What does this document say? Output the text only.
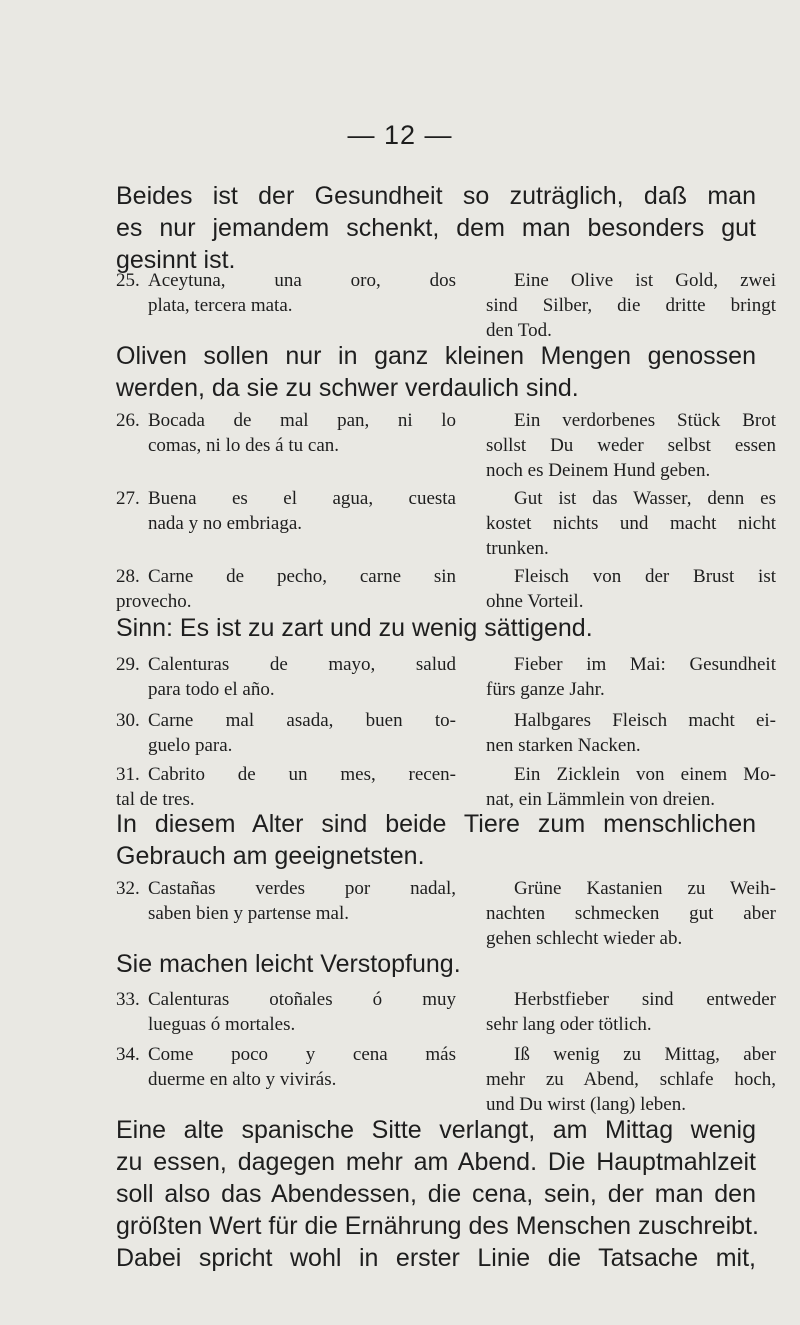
— 12 —
Beides ist der Gesundheit so zuträglich, daß man
es nur jemandem schenkt, dem man besonders gut
gesinnt ist.
25. Aceytuna, una oro, dos
plata, tercera mata.
Eine Olive ist Gold, zwei
sind Silber, die dritte bringt
den Tod.
Oliven sollen nur in ganz kleinen Mengen genossen
werden, da sie zu schwer verdaulich sind.
26. Bocada de mal pan, ni lo
comas, ni lo des á tu can.
Ein verdorbenes Stück Brot
sollst Du weder selbst essen
noch es Deinem Hund geben.
27. Buena es el agua, cuesta
nada y no embriaga.
Gut ist das Wasser, denn es
kostet nichts und macht nicht
trunken.
28. Carne de pecho, carne sin
provecho.
Fleisch von der Brust ist
ohne Vorteil.
Sinn: Es ist zu zart und zu wenig sättigend.
29. Calenturas de mayo, salud
para todo el año.
Fieber im Mai: Gesundheit
fürs ganze Jahr.
30. Carne mal asada, buen to-
guelo para.
Halbgares Fleisch macht ei-
nen starken Nacken.
31. Cabrito de un mes, recen-
tal de tres.
Ein Zicklein von einem Mo-
nat, ein Lämmlein von dreien.
In diesem Alter sind beide Tiere zum menschlichen
Gebrauch am geeignetsten.
32. Castañas verdes por nadal,
saben bien y partense mal.
Grüne Kastanien zu Weih-
nachten schmecken gut aber
gehen schlecht wieder ab.
Sie machen leicht Verstopfung.
33. Calenturas otoñales ó muy
lueguas ó mortales.
Herbstfieber sind entweder
sehr lang oder tötlich.
34. Come poco y cena más
duerme en alto y vivirás.
Iß wenig zu Mittag, aber
mehr zu Abend, schlafe hoch,
und Du wirst (lang) leben.
Eine alte spanische Sitte verlangt, am Mittag wenig
zu essen, dagegen mehr am Abend. Die Hauptmahlzeit
soll also das Abendessen, die cena, sein, der man den
größten Wert für die Ernährung des Menschen zuschreibt.
Dabei spricht wohl in erster Linie die Tatsache mit,
